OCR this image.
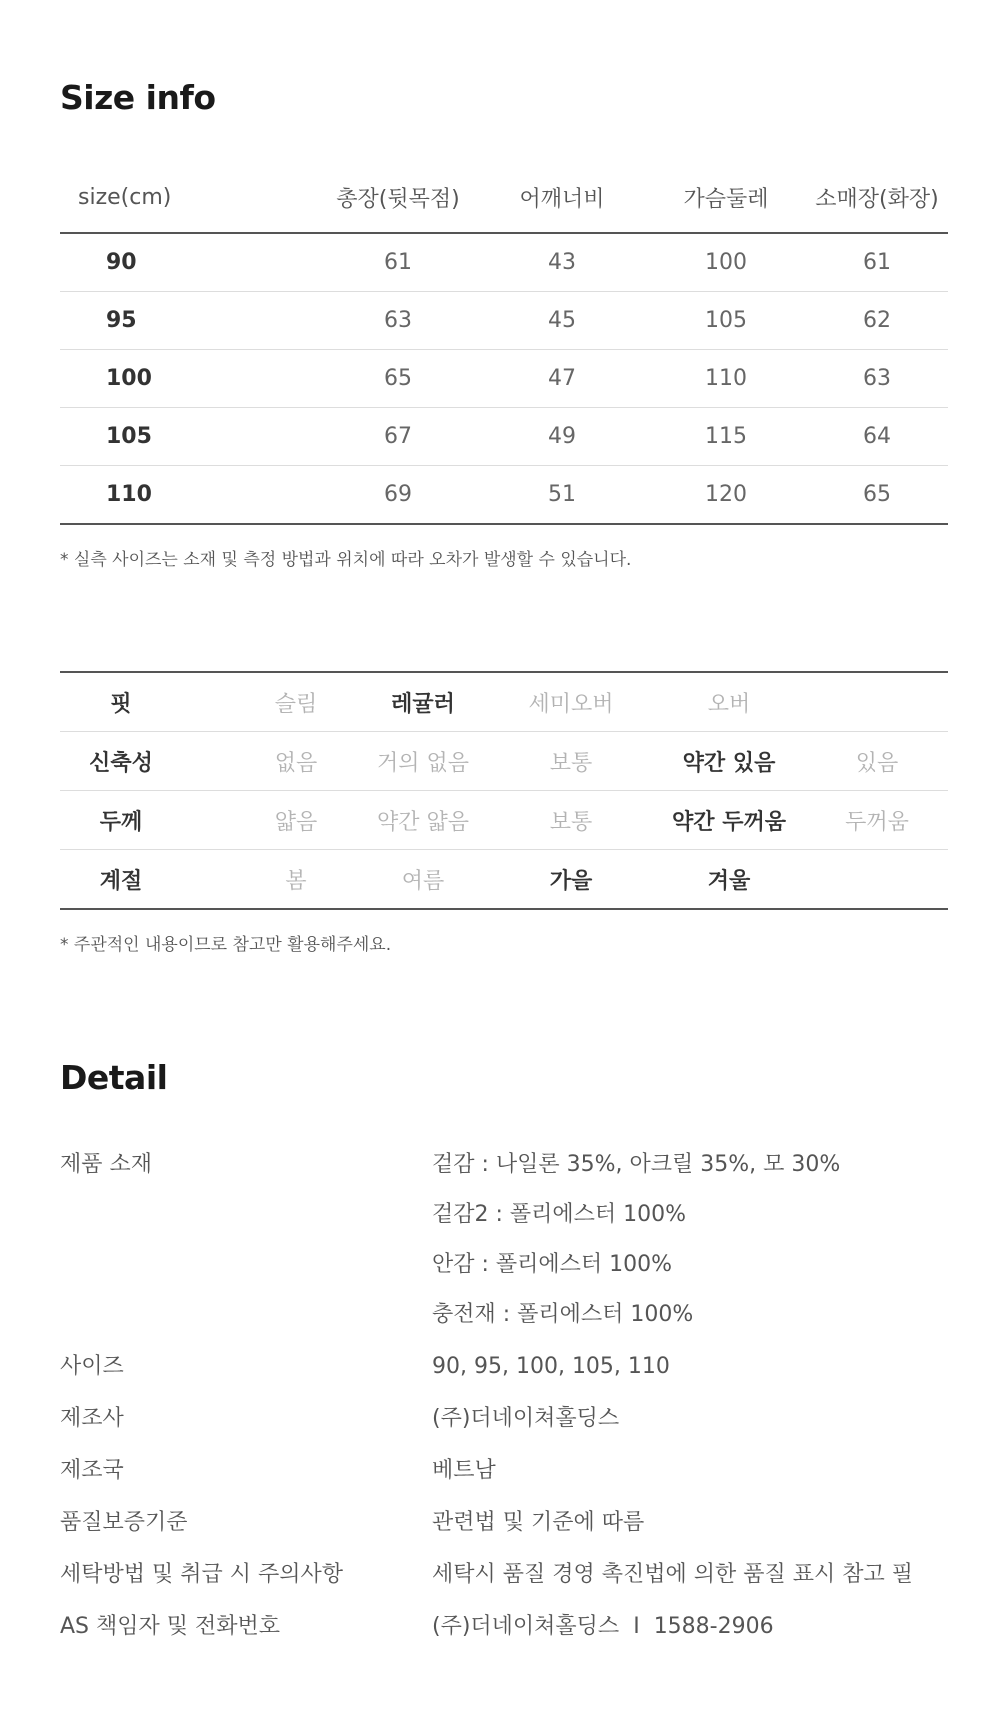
Size info
size(cm)	총장(뒷목점)	어깨너비	가슴둘레	소매장(화장)
90	61	43	100	61
95	63	45	105	62
100	65	47	110	63
105	67	49	115	64
110	69	51	120	65

* 실측 사이즈는 소재 및 측정 방법과 위치에 따라 오차가 발생할 수 있습니다.

핏	슬림	레귤러	세미오버	오버
신축성	없음	거의 없음	보통	약간 있음	있음
두께	얇음	약간 얇음	보통	약간 두꺼움	두꺼움
계절	봄	여름	가을	겨울

* 주관적인 내용이므로 참고만 활용해주세요.

Detail
제품 소재	겉감 : 나일론 35%, 아크릴 35%, 모 30%
겉감2 : 폴리에스터 100%
안감 : 폴리에스터 100%
충전재 : 폴리에스터 100%
사이즈	90, 95, 100, 105, 110
제조사	(주)더네이쳐홀딩스
제조국	베트남
품질보증기준	관련법 및 기준에 따름
세탁방법 및 취급 시 주의사항	세탁시 품질 경영 촉진법에 의한 품질 표시 참고 필
AS 책임자 및 전화번호	(주)더네이쳐홀딩스 I 1588-2906
